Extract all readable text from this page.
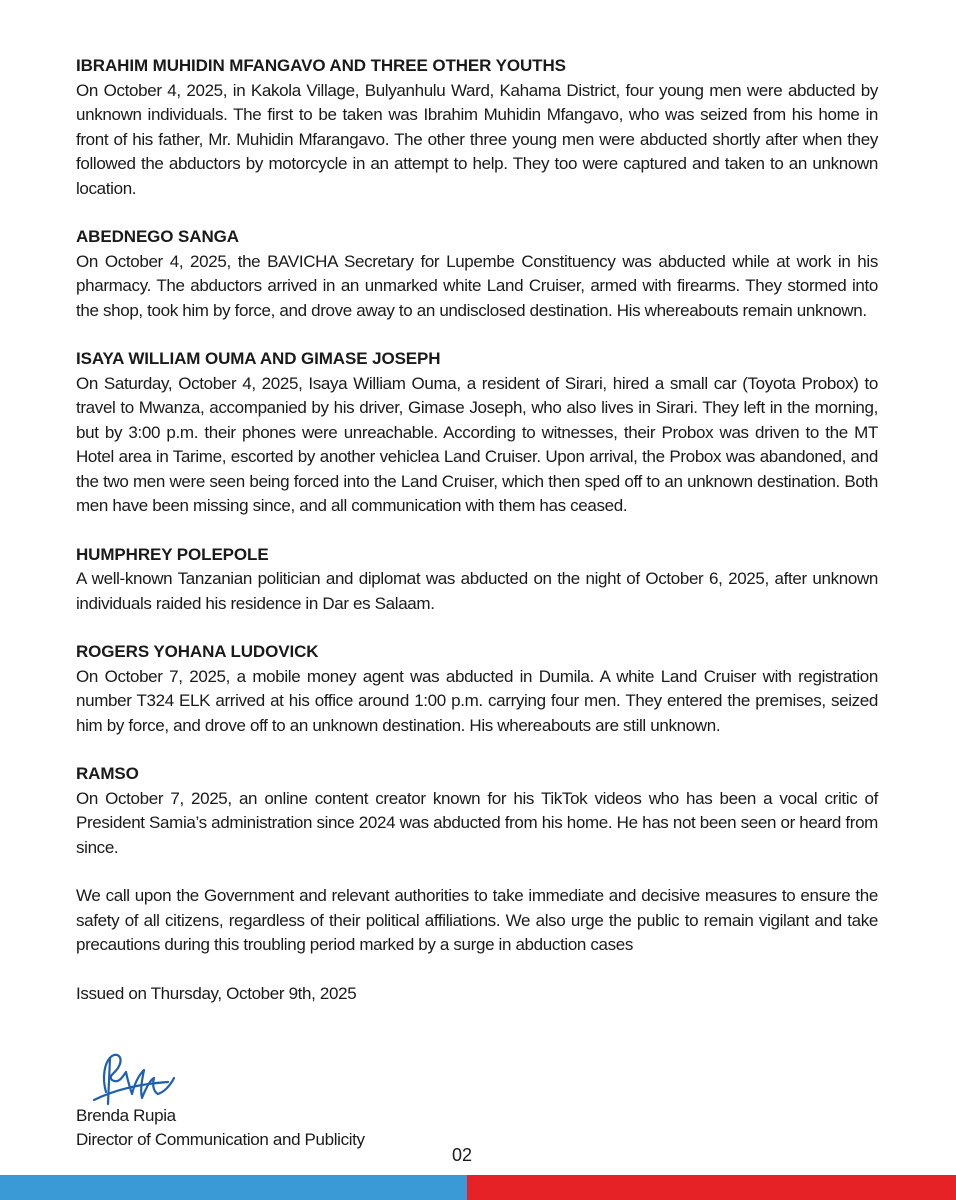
IBRAHIM MUHIDIN MFANGAVO AND THREE OTHER YOUTHS

On October 4, 2025, in Kakola Village, Bulyanhulu Ward, Kahama District, four young men were abducted by unknown individuals. The first to be taken was Ibrahim Muhidin Mfangavo, who was seized from his home in front of his father, Mr. Muhidin Mfarangavo. The other three young men were abducted shortly after when they followed the abductors by motorcycle in an attempt to help. They too were captured and taken to an unknown location.

ABEDNEGO SANGA

On October 4, 2025, the BAVICHA Secretary for Lupembe Constituency was abducted while at work in his pharmacy. The abductors arrived in an unmarked white Land Cruiser, armed with firearms. They stormed into the shop, took him by force, and drove away to an undisclosed destination. His whereabouts remain unknown.

ISAYA WILLIAM OUMA AND GIMASE JOSEPH

On Saturday, October 4, 2025, Isaya William Ouma, a resident of Sirari, hired a small car (Toyota Probox) to travel to Mwanza, accompanied by his driver, Gimase Joseph, who also lives in Sirari. They left in the morning, but by 3:00 p.m. their phones were unreachable. According to witnesses, their Probox was driven to the MT Hotel area in Tarime, escorted by another vehiclea Land Cruiser. Upon arrival, the Probox was abandoned, and the two men were seen being forced into the Land Cruiser, which then sped off to an unknown destination. Both men have been missing since, and all communication with them has ceased.

HUMPHREY POLEPOLE

A well-known Tanzanian politician and diplomat was abducted on the night of October 6, 2025, after unknown individuals raided his residence in Dar es Salaam.

ROGERS YOHANA LUDOVICK

On October 7, 2025, a mobile money agent was abducted in Dumila. A white Land Cruiser with registration number T324 ELK arrived at his office around 1:00 p.m. carrying four men. They entered the premises, seized him by force, and drove off to an unknown destination. His whereabouts are still unknown.

RAMSO

On October 7, 2025, an online content creator known for his TikTok videos who has been a vocal critic of President Samia’s administration since 2024 was abducted from his home. He has not been seen or heard from since.

We call upon the Government and relevant authorities to take immediate and decisive measures to ensure the safety of all citizens, regardless of their political affiliations. We also urge the public to remain vigilant and take precautions during this troubling period marked by a surge in abduction cases

Issued on Thursday, October 9th, 2025

Brenda Rupia
Director of Communication and Publicity
02
